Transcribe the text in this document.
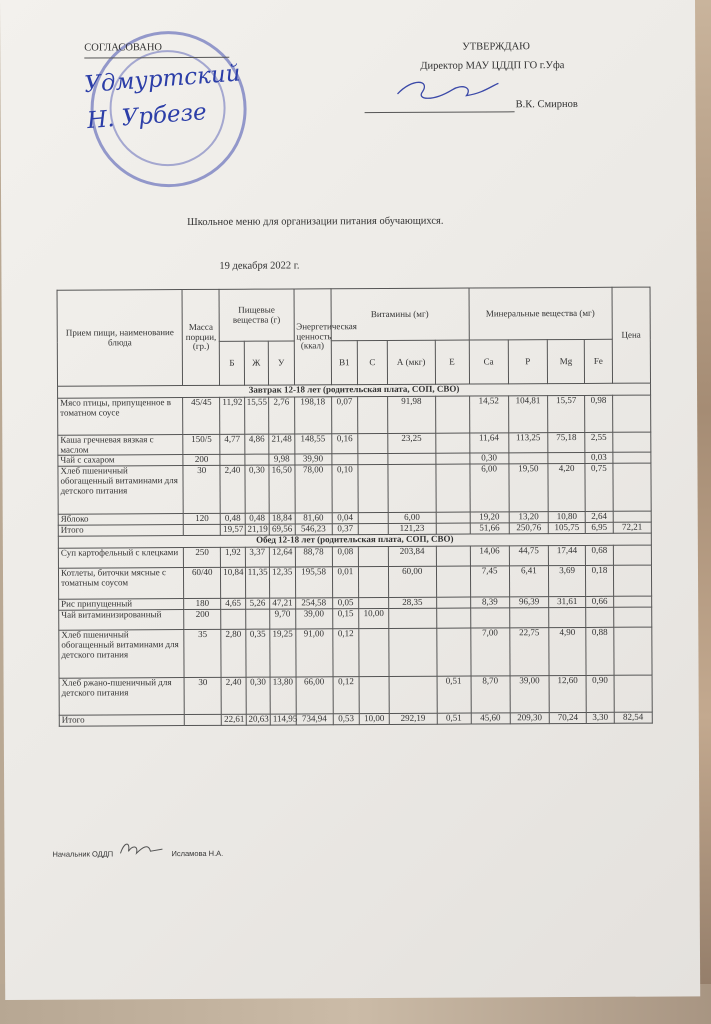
СОГЛАСОВАНО
Удмуртский Н. Урбезе
УТВЕРЖДАЮ
Директор МАУ ЦДДП ГО г.Уфа
В.К. Смирнов
Школьное меню для организации питания обучающихся.
19 декабря 2022 г.
Прием пищи, наименование блюда	Масса порции, (гр.)	Пищевые вещества (г)			Энергетическая ценность (ккал)	Витамины (мг)				Минеральные вещества (мг)				Цена
		Б	Ж	У		B1	С	А (мкг)	Е	Ca	P	Mg	Fe	
Завтрак 12-18 лет (родительская плата, СОП, СВО)														
Мясо птицы, припущенное в томатном соусе	45/45	11,92	15,55	2,76	198,18	0,07		91,98		14,52	104,81	15,57	0,98	
Каша гречневая вязкая с маслом	150/5	4,77	4,86	21,48	148,55	0,16		23,25		11,64	113,25	75,18	2,55	
Чай с сахаром	200			9,98	39,90					0,30			0,03	
Хлеб пшеничный обогащенный витаминами для детского питания	30	2,40	0,30	16,50	78,00	0,10				6,00	19,50	4,20	0,75	
Яблоко	120	0,48	0,48	18,84	81,60	0,04		6,00		19,20	13,20	10,80	2,64	
Итого		19,57	21,19	69,56	546,23	0,37		121,23		51,66	250,76	105,75	6,95	72,21
Обед 12-18 лет (родительская плата, СОП, СВО)														
Суп картофельный с клецками	250	1,92	3,37	12,64	88,78	0,08		203,84		14,06	44,75	17,44	0,68	
Котлеты, биточки мясные с томатным соусом	60/40	10,84	11,35	12,35	195,58	0,01		60,00		7,45	6,41	3,69	0,18	
Рис припущенный	180	4,65	5,26	47,21	254,58	0,05		28,35		8,39	96,39	31,61	0,66	
Чай витаминизированный	200			9,70	39,00	0,15	10,00							
Хлеб пшеничный обогащенный витаминами для детского питания	35	2,80	0,35	19,25	91,00	0,12				7,00	22,75	4,90	0,88	
Хлеб ржано-пшеничный для детского питания	30	2,40	0,30	13,80	66,00	0,12			0,51	8,70	39,00	12,60	0,90	
Итого		22,61	20,63	114,95	734,94	0,53	10,00	292,19	0,51	45,60	209,30	70,24	3,30	82,54
Начальник ОДДП	Исламова Н.А.
